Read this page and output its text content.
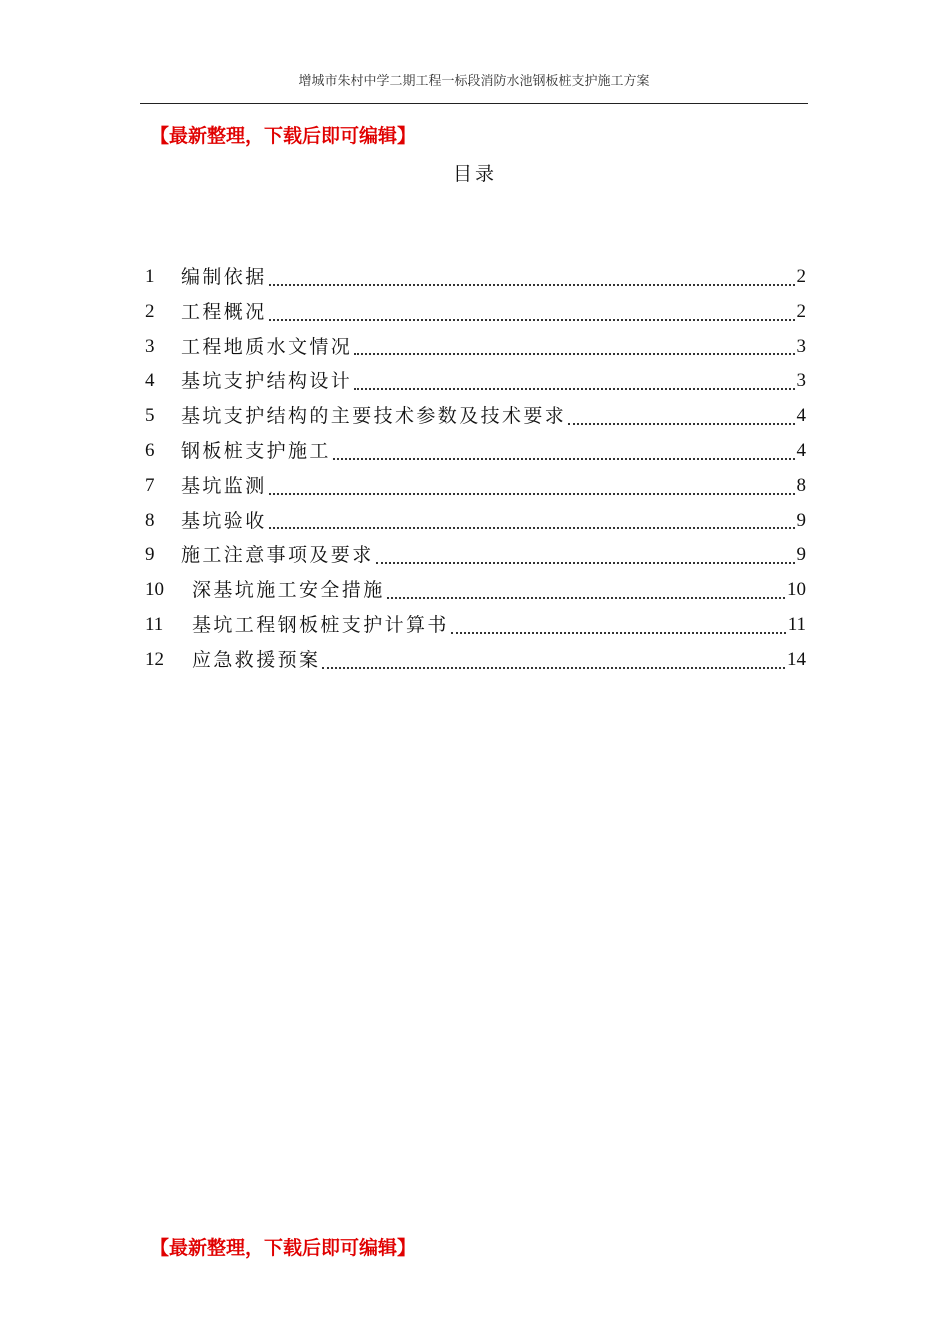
增城市朱村中学二期工程一标段消防水池钢板桩支护施工方案
【最新整理，下载后即可编辑】
目录
1	编制依据	2
2	工程概况	2
3	工程地质水文情况	3
4	基坑支护结构设计	3
5	基坑支护结构的主要技术参数及技术要求	4
6	钢板桩支护施工	4
7	基坑监测	8
8	基坑验收	9
9	施工注意事项及要求	9
10	深基坑施工安全措施	10
11	基坑工程钢板桩支护计算书	11
12	应急救援预案	14
【最新整理，下载后即可编辑】
